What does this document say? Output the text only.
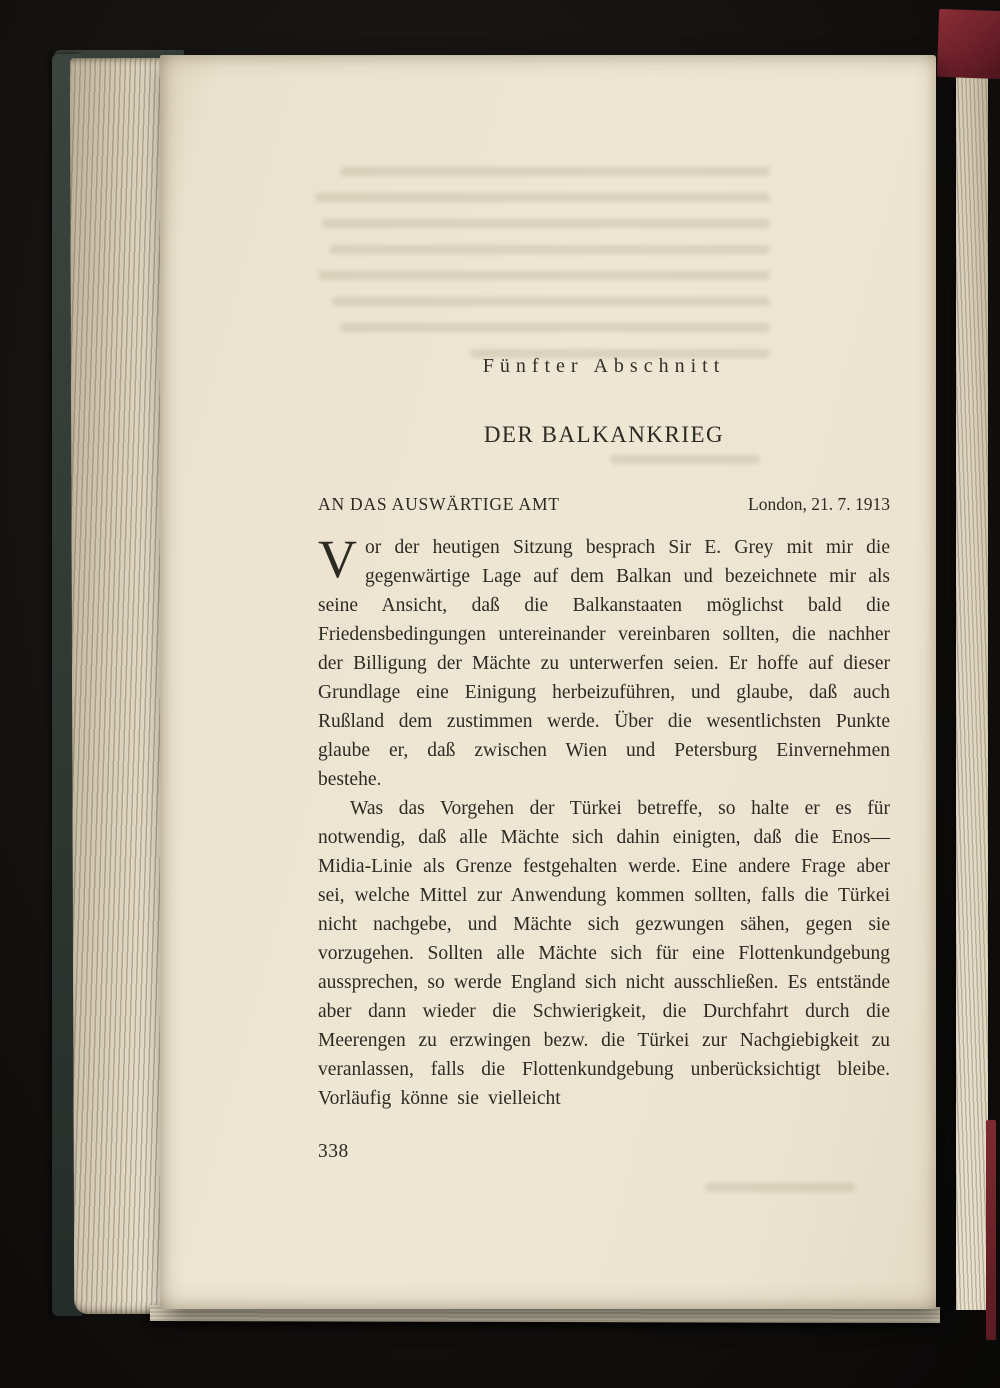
Fünfter Abschnitt
DER BALKANKRIEG
AN DAS AUSWÄRTIGE AMT	London, 21. 7. 1913

Vor der heutigen Sitzung besprach Sir E. Grey mit mir die gegenwärtige Lage auf dem Balkan und bezeichnete mir als seine Ansicht, daß die Balkanstaaten möglichst bald die Friedensbedingungen untereinander vereinbaren sollten, die nachher der Billigung der Mächte zu unterwerfen seien. Er hoffe auf dieser Grundlage eine Einigung herbeizuführen, und glaube, daß auch Rußland dem zustimmen werde. Über die wesentlichsten Punkte glaube er, daß zwischen Wien und Petersburg Einvernehmen bestehe.

Was das Vorgehen der Türkei betreffe, so halte er es für notwendig, daß alle Mächte sich dahin einigten, daß die Enos—Midia-Linie als Grenze festgehalten werde. Eine andere Frage aber sei, welche Mittel zur Anwendung kommen sollten, falls die Türkei nicht nachgebe, und Mächte sich gezwungen sähen, gegen sie vorzugehen. Sollten alle Mächte sich für eine Flottenkundgebung aussprechen, so werde England sich nicht ausschließen. Es entstände aber dann wieder die Schwierigkeit, die Durchfahrt durch die Meerengen zu erzwingen bezw. die Türkei zur Nachgiebigkeit zu veranlassen, falls die Flottenkundgebung unberücksichtigt bleibe. Vorläufig könne sie vielleicht

338
